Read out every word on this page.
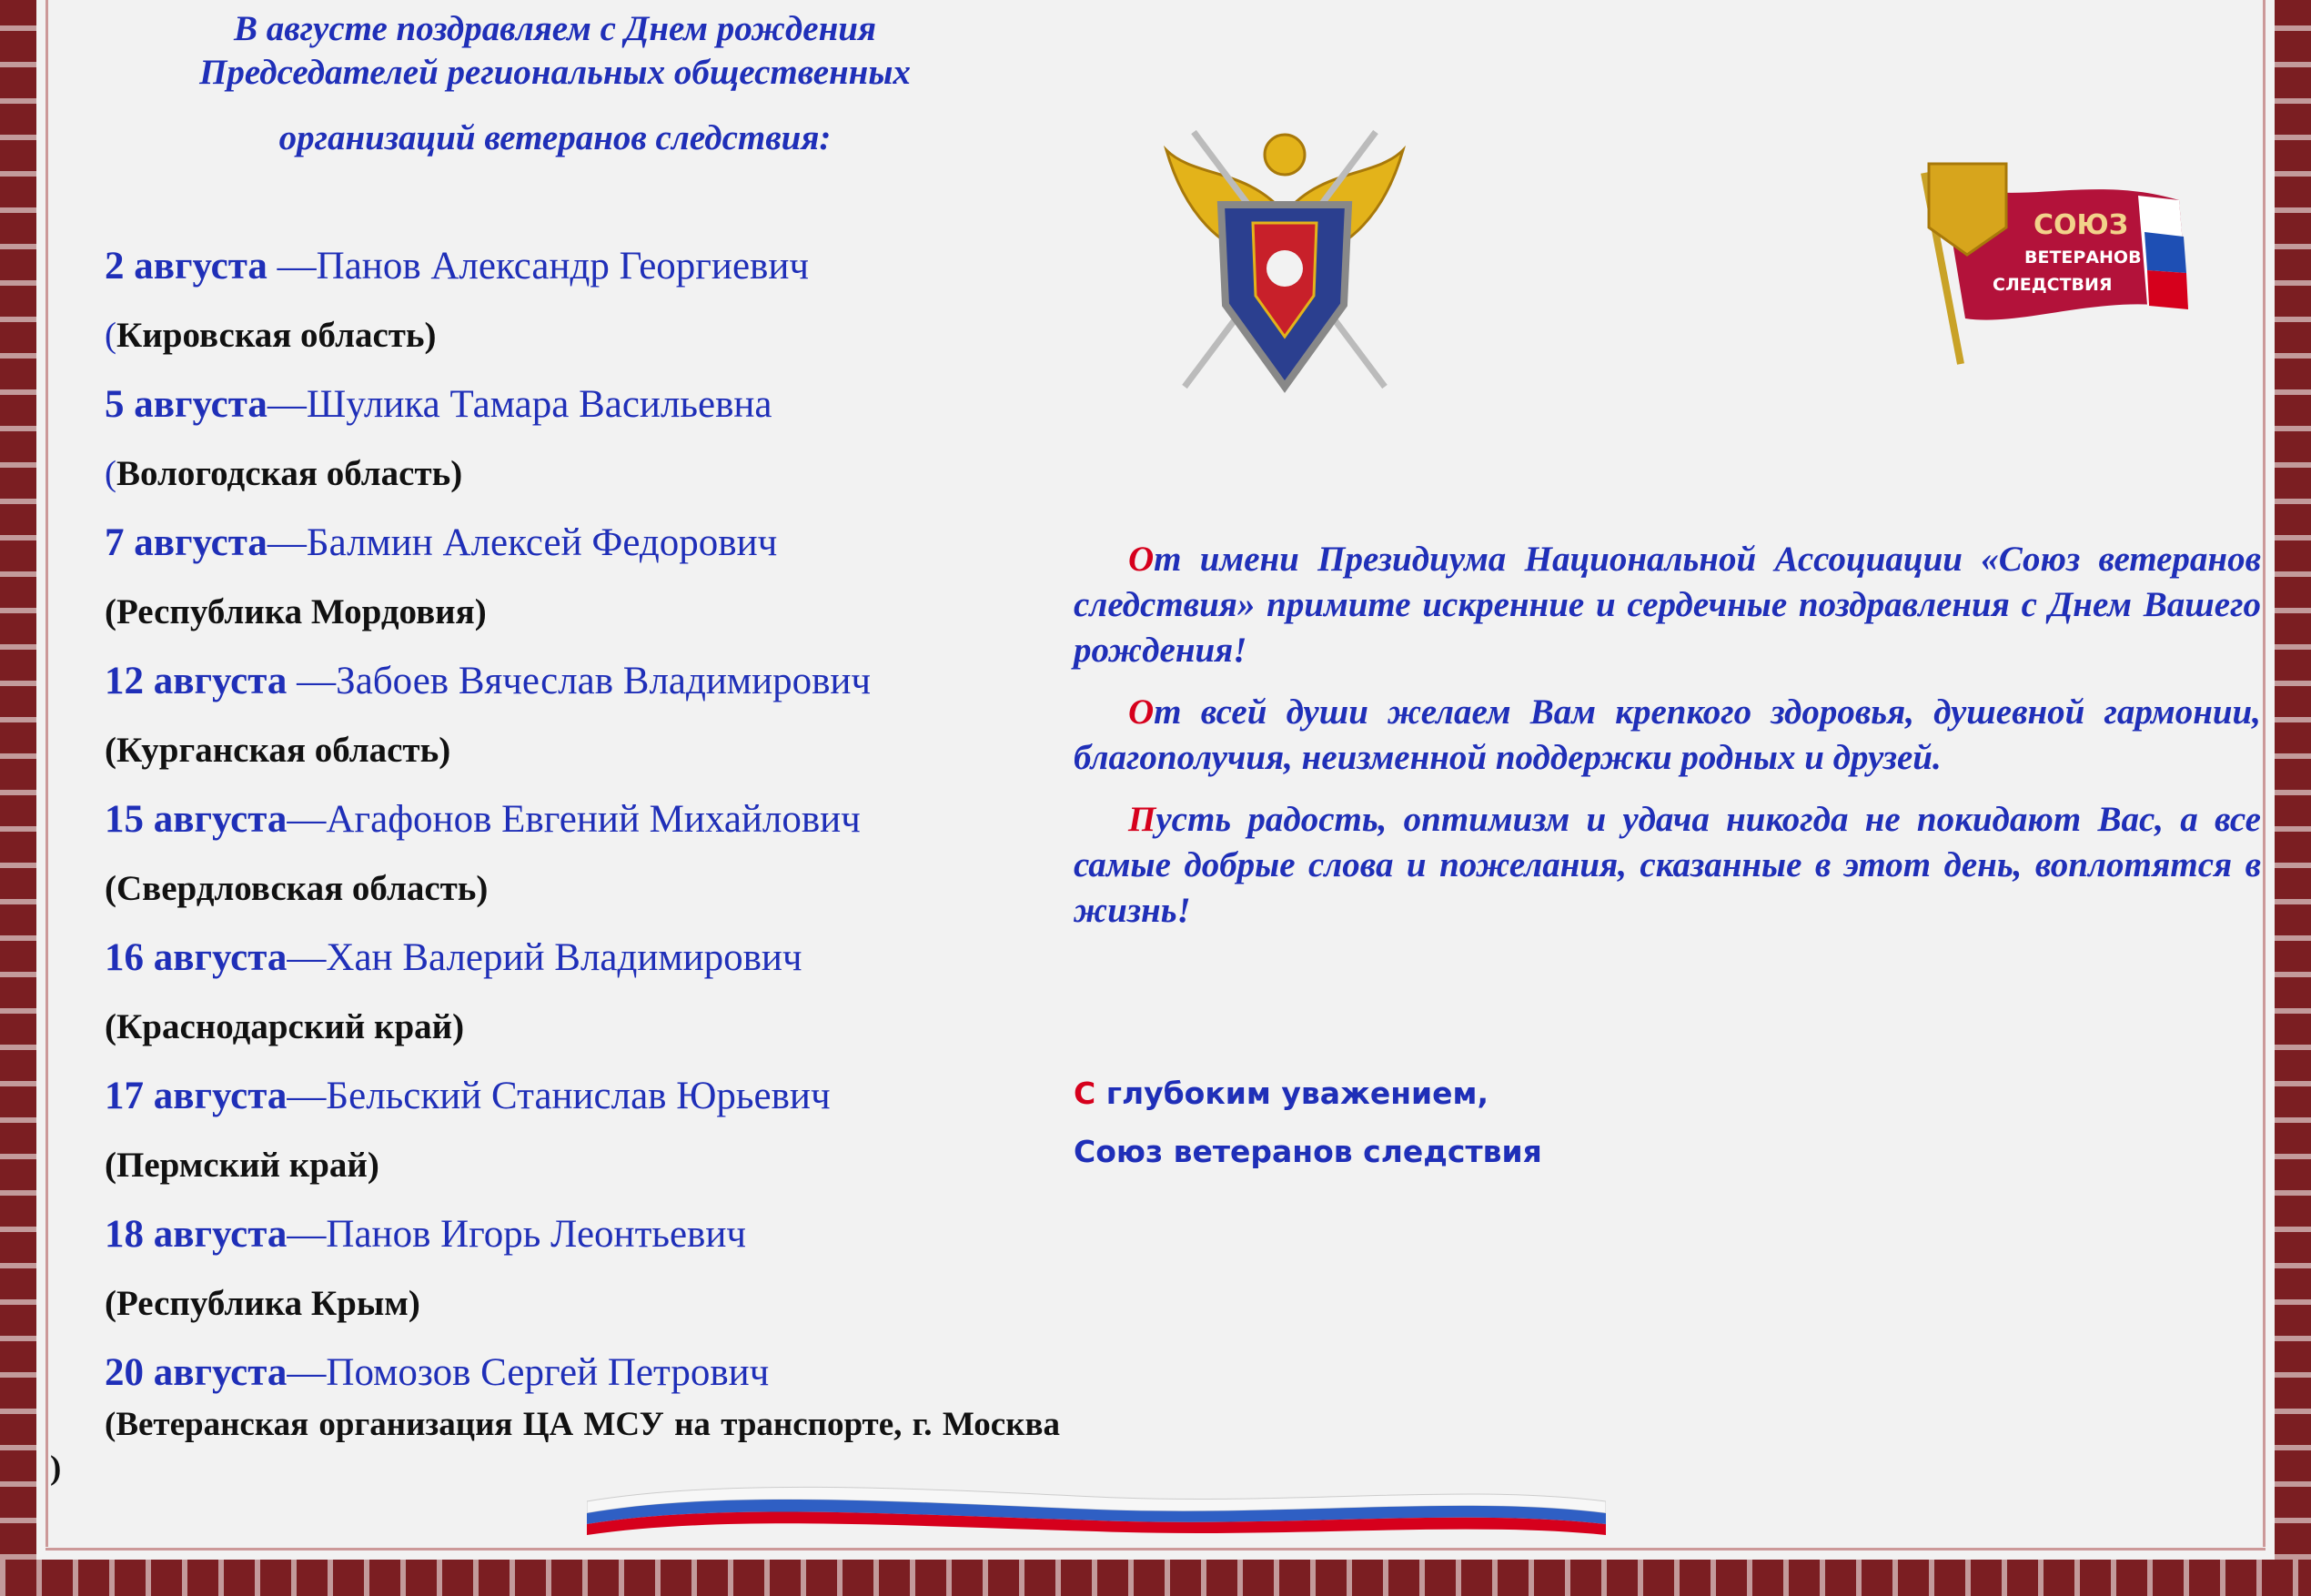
В августе поздравляем с Днем рождения
Председателей региональных общественных
организаций ветеранов следствия:
2 августа —Панов Александр Георгиевич
(Кировская область)
5 августа—Шулика Тамара Васильевна
(Вологодская область)
7 августа—Балмин Алексей Федорович
(Республика Мордовия)
12 августа —Забоев Вячеслав Владимирович
(Курганская область)
15 августа—Агафонов Евгений Михайлович
(Свердловская область)
16 августа—Хан Валерий Владимирович
(Краснодарский край)
17 августа—Бельский Станислав Юрьевич
(Пермский край)
18 августа—Панов Игорь Леонтьевич
(Республика Крым)
20 августа—Помозов Сергей Петрович
(Ветеранская организация ЦА МСУ на транспорте, г. Москва )
СОЮЗ
ВЕТЕРАНОВ
СЛЕДСТВИЯ

От имени Президиума Национальной Ассоциации «Союз ветеранов следствия» примите искренние и сердечные поздравления с Днем Вашего рождения!

От всей души желаем Вам крепкого здоровья, душевной гармонии, благополучия, неизменной поддержки родных и друзей.

Пусть радость, оптимизм и удача никогда не покидают Вас, а все самые добрые слова и пожелания, сказанные в этот день, воплотятся в жизнь!

С глубоким уважением,
Союз ветеранов следствия
